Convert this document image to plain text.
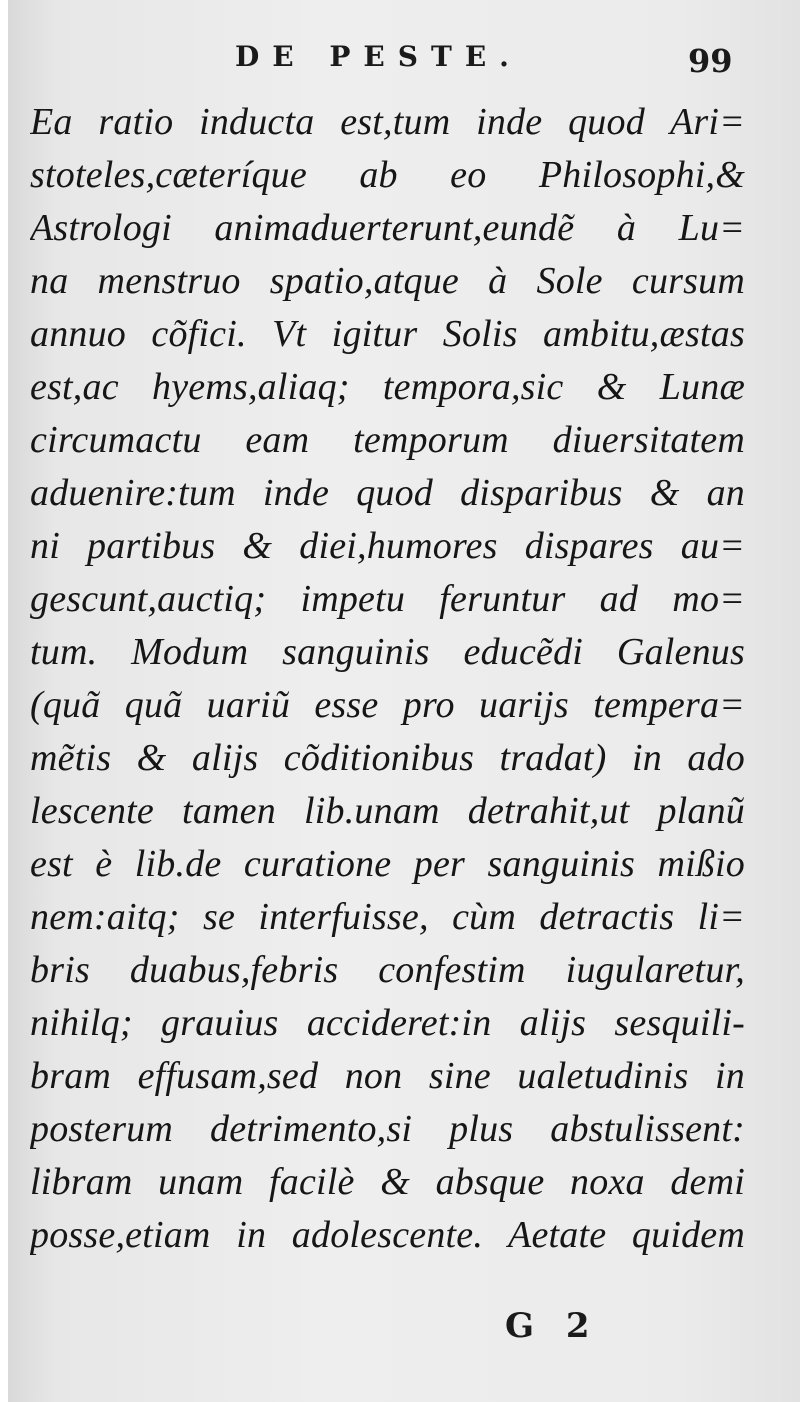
DE PESTE.	99
Ea ratio inducta est,tum inde quod Ari=
stoteles,cæteríque ab eo Philosophi,&
Astrologi animaduerterunt,eundẽ à Lu=
na menstruo spatio,atque à Sole cursum
annuo cõfici. Vt igitur Solis ambitu,æstas
est,ac hyems,aliaq; tempora,sic & Lunæ
circumactu eam temporum diuersitatem
aduenire:tum inde quod disparibus & an
ni partibus & diei,humores dispares au=
gescunt,auctiq; impetu feruntur ad mo=
tum. Modum sanguinis educẽdi Galenus
(quã quã uariũ esse pro uarijs tempera=
mẽtis & alijs cõditionibus tradat) in ado
lescente tamen lib.unam detrahit,ut planũ
est è lib.de curatione per sanguinis mißio
nem:aitq; se interfuisse, cùm detractis li=
bris duabus,febris confestim iugularetur,
nihilq; grauius accideret:in alijs sesquili-
bram effusam,sed non sine ualetudinis in
posterum detrimento,si plus abstulissent:
libram unam facilè & absque noxa demi
posse,etiam in adolescente. Aetate quidem
G 2
